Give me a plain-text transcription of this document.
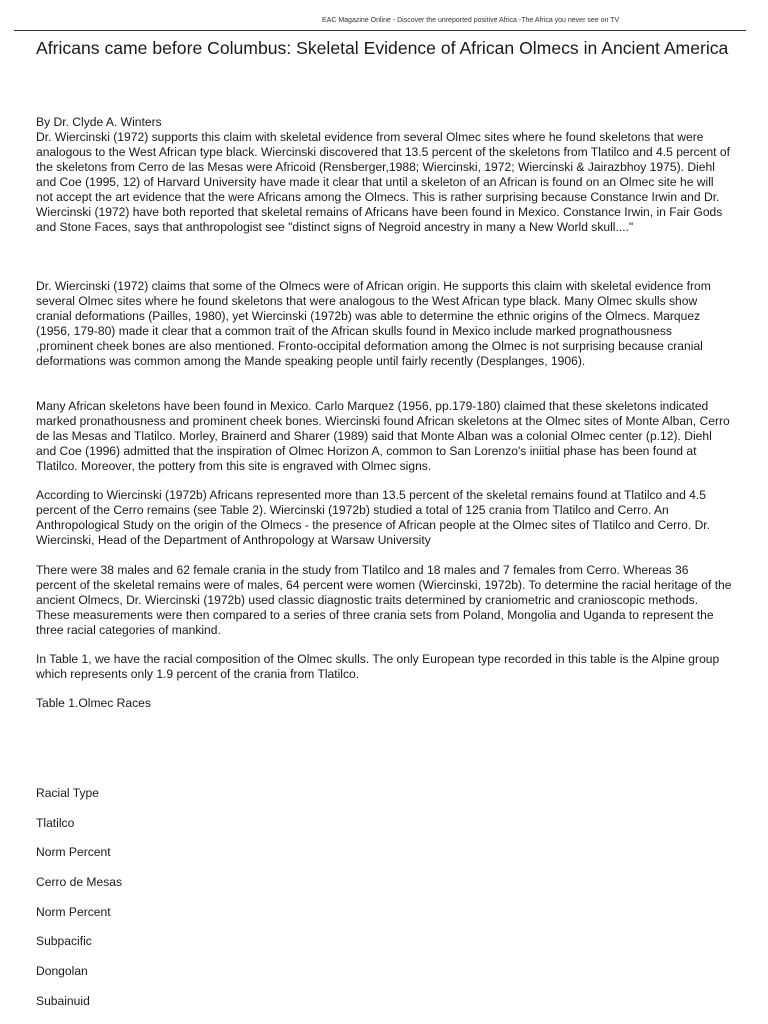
EAC Magazine Online - Discover the unreported positive Africa -The Africa you never see on TV
Africans came before Columbus: Skeletal Evidence of African Olmecs in Ancient America

By Dr. Clyde A. Winters

Dr. Wiercinski (1972) supports this claim with skeletal evidence from several Olmec sites where he found skeletons that were analogous to the West African type black. Wiercinski discovered that 13.5 percent of the skeletons from Tlatilco and 4.5 percent of the skeletons from Cerro de las Mesas were Africoid (Rensberger,1988; Wiercinski, 1972; Wiercinski & Jairazbhoy 1975). Diehl and Coe (1995, 12) of Harvard University have made it clear that until a skeleton of an African is found on an Olmec site he will not accept the art evidence that the were Africans among the Olmecs. This is rather surprising because Constance Irwin and Dr. Wiercinski (1972) have both reported that skeletal remains of Africans have been found in Mexico. Constance Irwin, in Fair Gods and Stone Faces, says that anthropologist see "distinct signs of Negroid ancestry in many a New World skull...."

Dr. Wiercinski (1972) claims that some of the Olmecs were of African origin. He supports this claim with skeletal evidence from several Olmec sites where he found skeletons that were analogous to the West African type black. Many Olmec skulls show cranial deformations (Pailles, 1980), yet Wiercinski (1972b) was able to determine the ethnic origins of the Olmecs. Marquez (1956, 179-80) made it clear that a common trait of the African skulls found in Mexico include marked prognathousness ,prominent cheek bones are also mentioned. Fronto-occipital deformation among the Olmec is not surprising because cranial deformations was common among the Mande speaking people until fairly recently (Desplanges, 1906).

Many African skeletons have been found in Mexico. Carlo Marquez (1956, pp.179-180) claimed that these skeletons indicated marked pronathousness and prominent cheek bones. Wiercinski found African skeletons at the Olmec sites of Monte Alban, Cerro de las Mesas and Tlatilco. Morley, Brainerd and Sharer (1989) said that Monte Alban was a colonial Olmec center (p.12). Diehl and Coe (1996) admitted that the inspiration of Olmec Horizon A, common to San Lorenzo's iniitial phase has been found at Tlatilco. Moreover, the pottery from this site is engraved with Olmec signs.

According to Wiercinski (1972b) Africans represented more than 13.5 percent of the skeletal remains found at Tlatilco and 4.5 percent of the Cerro remains (see Table 2). Wiercinski (1972b) studied a total of 125 crania from Tlatilco and Cerro. An Anthropological Study on the origin of the Olmecs - the presence of African people at the Olmec sites of Tlatilco and Cerro. Dr. Wiercinski, Head of the Department of Anthropology at Warsaw University

There were 38 males and 62 female crania in the study from Tlatilco and 18 males and 7 females from Cerro. Whereas 36 percent of the skeletal remains were of males, 64 percent were women (Wiercinski, 1972b). To determine the racial heritage of the ancient Olmecs, Dr. Wiercinski (1972b) used classic diagnostic traits determined by craniometric and cranioscopic methods. These measurements were then compared to a series of three crania sets from Poland, Mongolia and Uganda to represent the three racial categories of mankind.

In Table 1, we have the racial composition of the Olmec skulls. The only European type recorded in this table is the Alpine group which represents only 1.9 percent of the crania from Tlatilco.

Table 1.Olmec Races

Racial Type
Tlatilco
Norm Percent
Cerro de Mesas
Norm Percent
Subpacific
Dongolan
Subainuid
